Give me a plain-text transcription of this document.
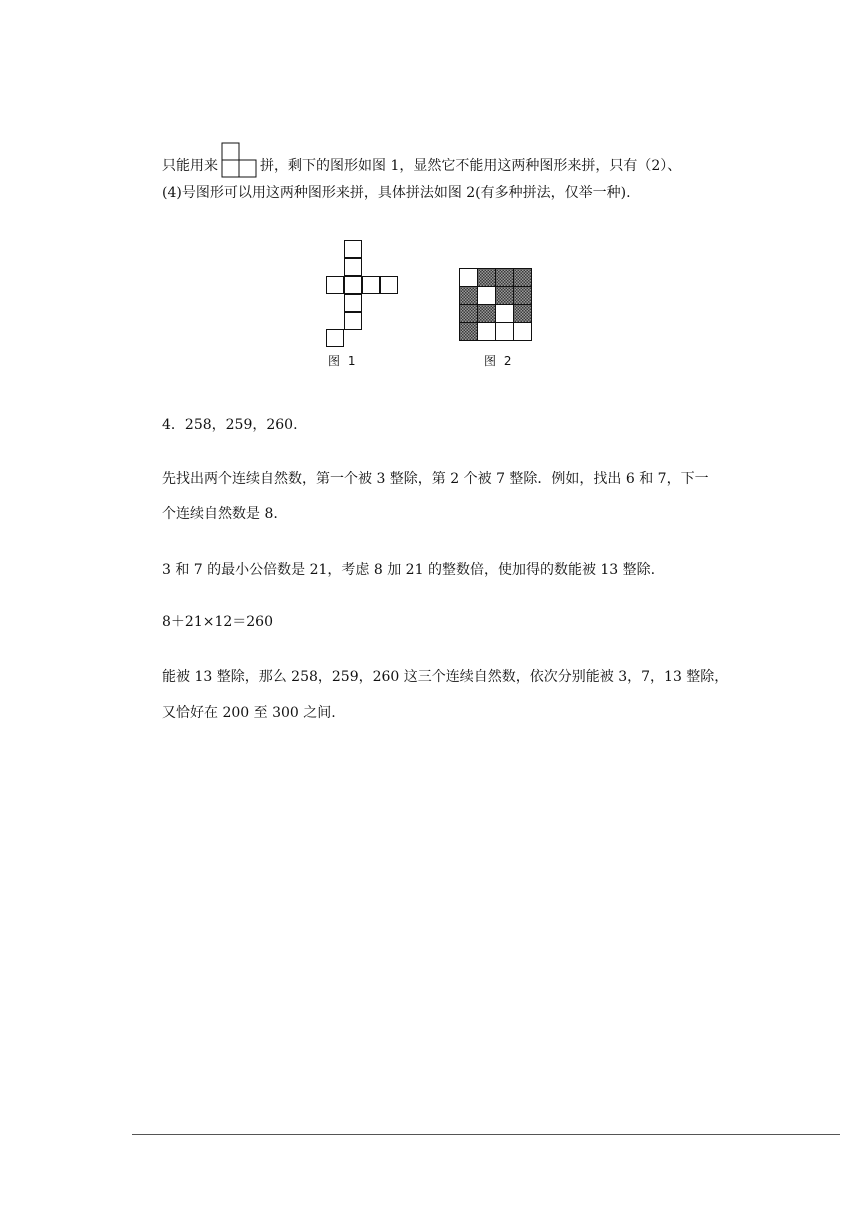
只能用来	拼，剩下的图形如图 1，显然它不能用这两种图形来拼，只有（2）、
(4)号图形可以用这两种图形来拼，具体拼法如图 2(有多种拼法，仅举一种).
图 1	图 2
4．258，259，260.
先找出两个连续自然数，第一个被 3 整除，第 2 个被 7 整除．例如，找出 6 和 7，下一
个连续自然数是 8.
3 和 7 的最小公倍数是 21，考虑 8 加 21 的整数倍，使加得的数能被 13 整除.
8＋21×12＝260
能被 13 整除，那么 258，259，260 这三个连续自然数，依次分别能被 3，7，13 整除，
又恰好在 200 至 300 之间.
